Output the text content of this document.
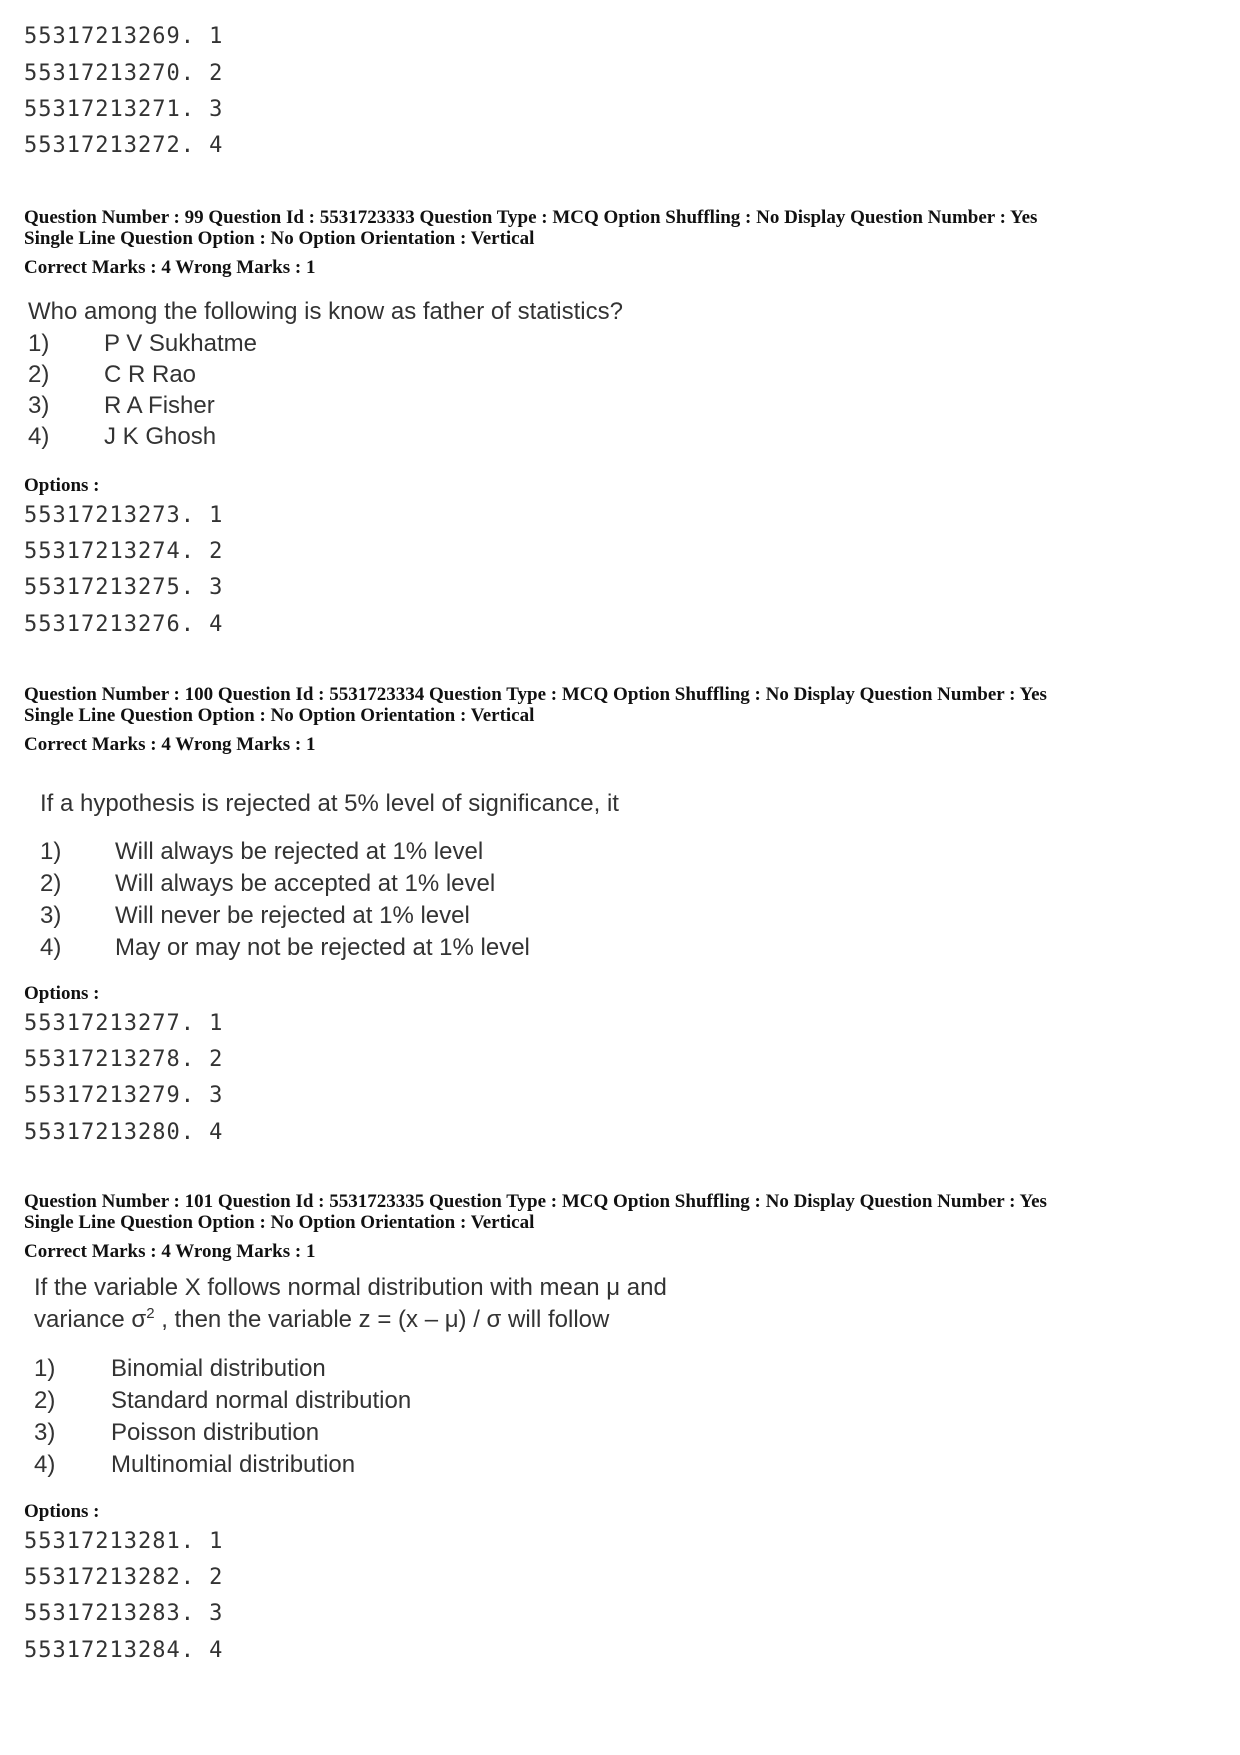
55317213269. 1
55317213270. 2
55317213271. 3
55317213272. 4
Question Number : 99 Question Id : 5531723333 Question Type : MCQ Option Shuffling : No Display Question Number : Yes
Single Line Question Option : No Option Orientation : Vertical
Correct Marks : 4 Wrong Marks : 1
Who among the following is know as father of statistics?
1) P V Sukhatme
2) C R Rao
3) R A Fisher
4) J K Ghosh
Options :
55317213273. 1
55317213274. 2
55317213275. 3
55317213276. 4
Question Number : 100 Question Id : 5531723334 Question Type : MCQ Option Shuffling : No Display Question Number : Yes
Single Line Question Option : No Option Orientation : Vertical
Correct Marks : 4 Wrong Marks : 1
If a hypothesis is rejected at 5% level of significance, it
1) Will always be rejected at 1% level
2) Will always be accepted at 1% level
3) Will never be rejected at 1% level
4) May or may not be rejected at 1% level
Options :
55317213277. 1
55317213278. 2
55317213279. 3
55317213280. 4
Question Number : 101 Question Id : 5531723335 Question Type : MCQ Option Shuffling : No Display Question Number : Yes
Single Line Question Option : No Option Orientation : Vertical
Correct Marks : 4 Wrong Marks : 1
If the variable X follows normal distribution with mean μ and
variance $\sigma^2$ , then the variable z = (x – μ) / σ will follow
1) Binomial distribution
2) Standard normal distribution
3) Poisson distribution
4) Multinomial distribution
Options :
55317213281. 1
55317213282. 2
55317213283. 3
55317213284. 4
